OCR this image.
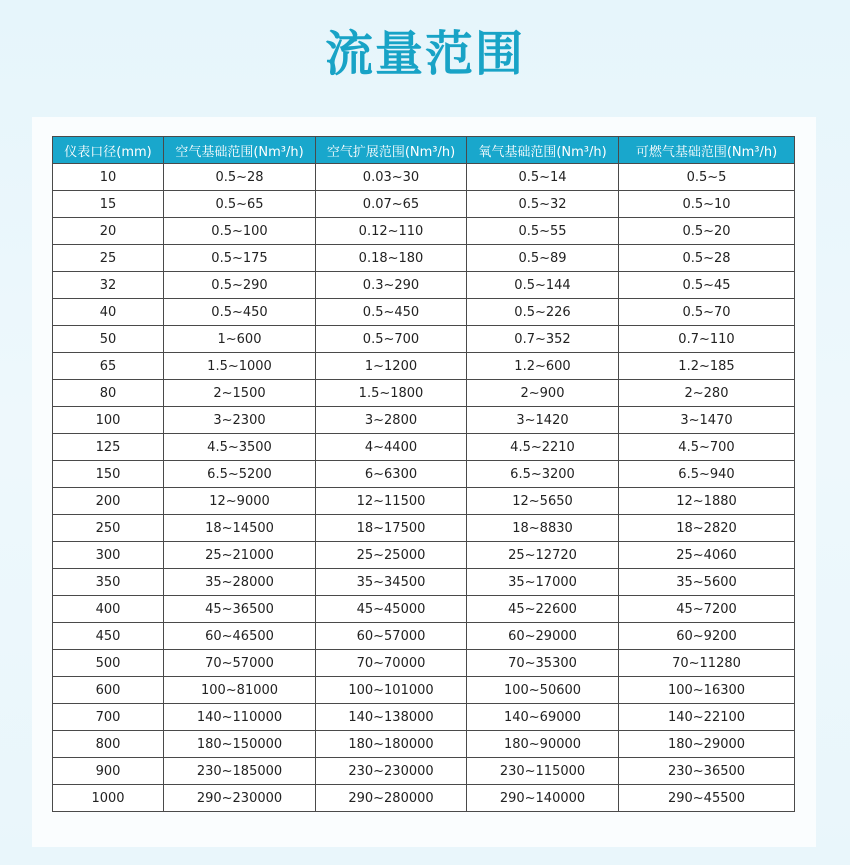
流量范围
仪表口径(mm)	空气基础范围(Nm³/h)	空气扩展范围(Nm³/h)	氧气基础范围(Nm³/h)	可燃气基础范围(Nm³/h)
10	0.5~28	0.03~30	0.5~14	0.5~5
15	0.5~65	0.07~65	0.5~32	0.5~10
20	0.5~100	0.12~110	0.5~55	0.5~20
25	0.5~175	0.18~180	0.5~89	0.5~28
32	0.5~290	0.3~290	0.5~144	0.5~45
40	0.5~450	0.5~450	0.5~226	0.5~70
50	1~600	0.5~700	0.7~352	0.7~110
65	1.5~1000	1~1200	1.2~600	1.2~185
80	2~1500	1.5~1800	2~900	2~280
100	3~2300	3~2800	3~1420	3~1470
125	4.5~3500	4~4400	4.5~2210	4.5~700
150	6.5~5200	6~6300	6.5~3200	6.5~940
200	12~9000	12~11500	12~5650	12~1880
250	18~14500	18~17500	18~8830	18~2820
300	25~21000	25~25000	25~12720	25~4060
350	35~28000	35~34500	35~17000	35~5600
400	45~36500	45~45000	45~22600	45~7200
450	60~46500	60~57000	60~29000	60~9200
500	70~57000	70~70000	70~35300	70~11280
600	100~81000	100~101000	100~50600	100~16300
700	140~110000	140~138000	140~69000	140~22100
800	180~150000	180~180000	180~90000	180~29000
900	230~185000	230~230000	230~115000	230~36500
1000	290~230000	290~280000	290~140000	290~45500
